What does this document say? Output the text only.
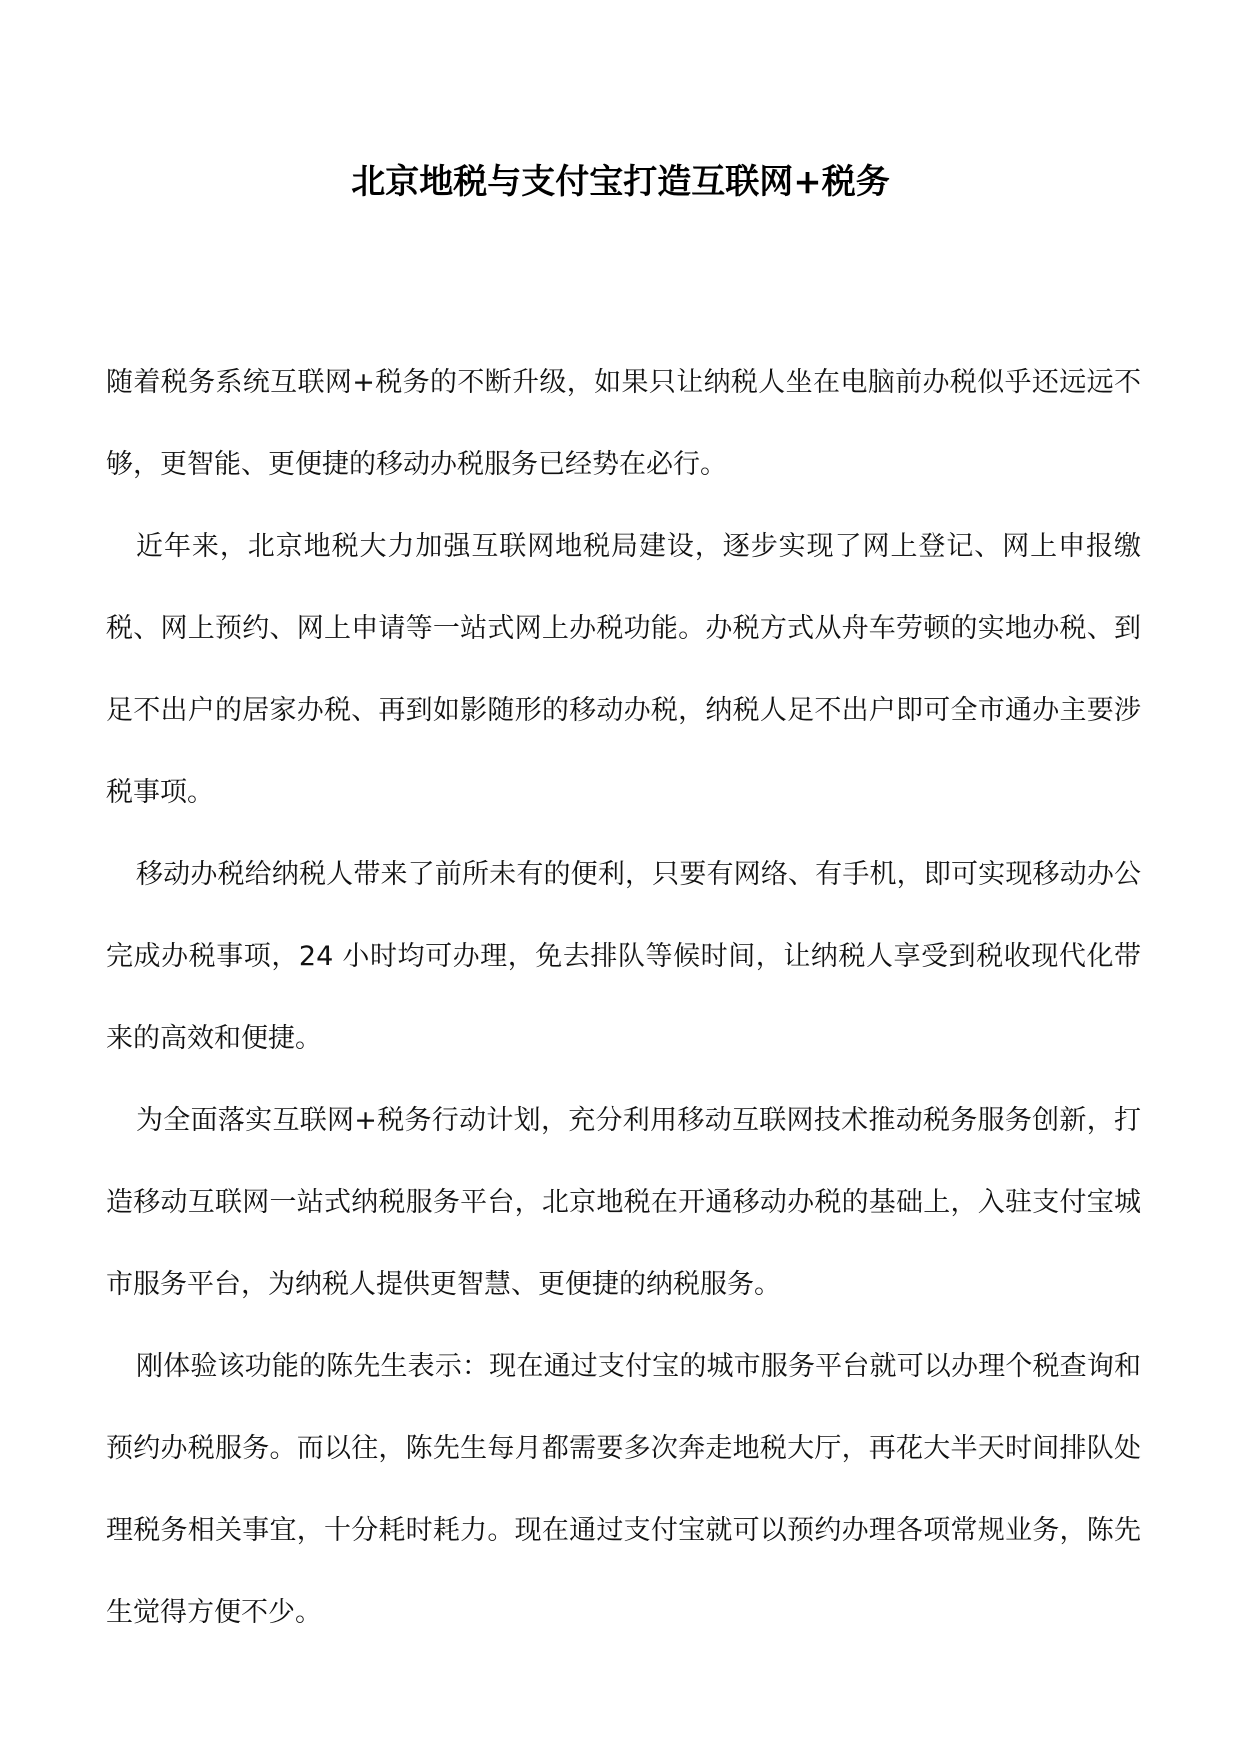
北京地税与支付宝打造互联网+税务

随着税务系统互联网+税务的不断升级，如果只让纳税人坐在电脑前办税似乎还远远不够，更智能、更便捷的移动办税服务已经势在必行。

近年来，北京地税大力加强互联网地税局建设，逐步实现了网上登记、网上申报缴税、网上预约、网上申请等一站式网上办税功能。办税方式从舟车劳顿的实地办税、到足不出户的居家办税、再到如影随形的移动办税，纳税人足不出户即可全市通办主要涉税事项。

移动办税给纳税人带来了前所未有的便利，只要有网络、有手机，即可实现移动办公完成办税事项，24 小时均可办理，免去排队等候时间，让纳税人享受到税收现代化带来的高效和便捷。

为全面落实互联网+税务行动计划，充分利用移动互联网技术推动税务服务创新，打造移动互联网一站式纳税服务平台，北京地税在开通移动办税的基础上，入驻支付宝城市服务平台，为纳税人提供更智慧、更便捷的纳税服务。

刚体验该功能的陈先生表示：现在通过支付宝的城市服务平台就可以办理个税查询和预约办税服务。而以往，陈先生每月都需要多次奔走地税大厅，再花大半天时间排队处理税务相关事宜，十分耗时耗力。现在通过支付宝就可以预约办理各项常规业务，陈先生觉得方便不少。
